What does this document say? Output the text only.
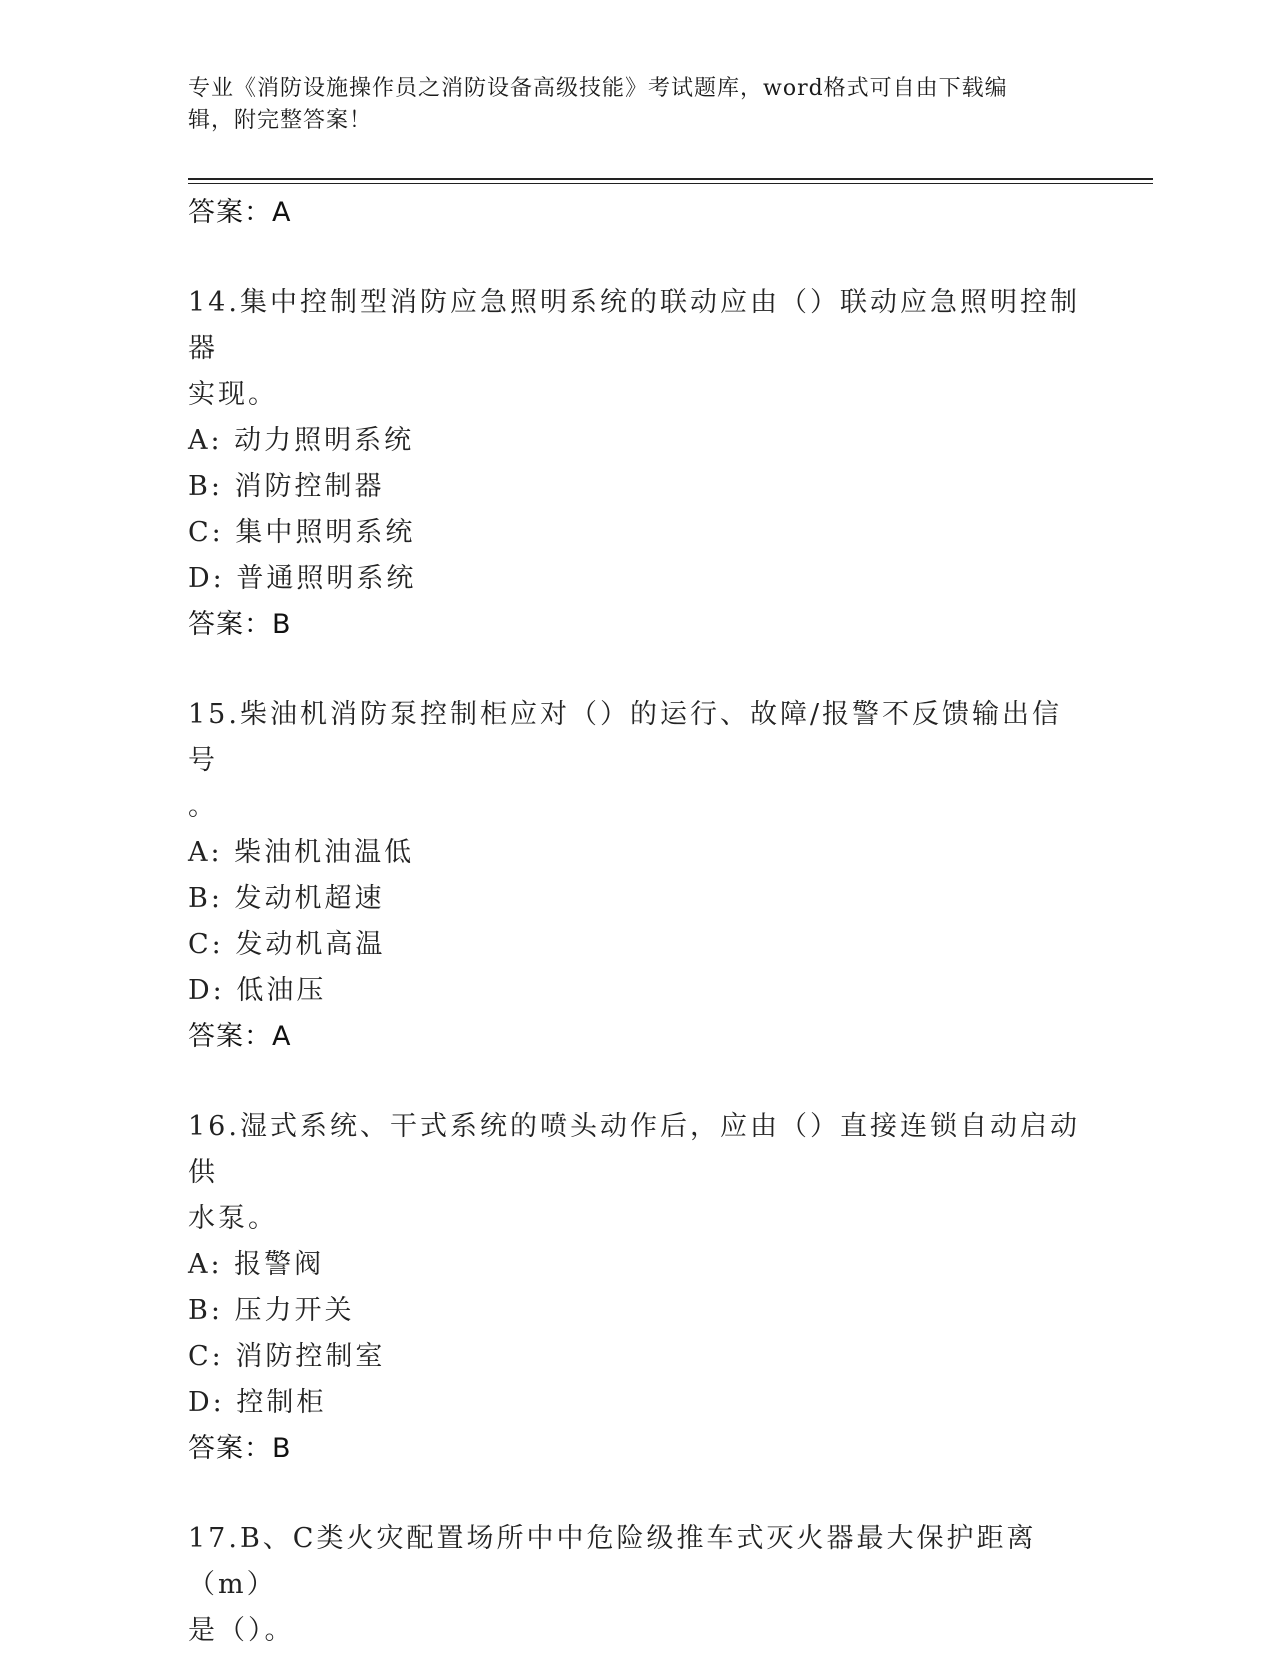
专业《消防设施操作员之消防设备高级技能》考试题库，word格式可自由下载编
辑，附完整答案！
答案：A
14.集中控制型消防应急照明系统的联动应由（）联动应急照明控制器
实现。
A: 动力照明系统
B: 消防控制器
C: 集中照明系统
D: 普通照明系统
答案：B
15.柴油机消防泵控制柜应对（）的运行、故障/报警不反馈输出信号
。
A: 柴油机油温低
B: 发动机超速
C: 发动机高温
D: 低油压
答案：A
16.湿式系统、干式系统的喷头动作后，应由（）直接连锁自动启动供
水泵。
A: 报警阀
B: 压力开关
C: 消防控制室
D: 控制柜
答案：B
17.B、C类火灾配置场所中中危险级推车式灭火器最大保护距离（m）
是（）。
